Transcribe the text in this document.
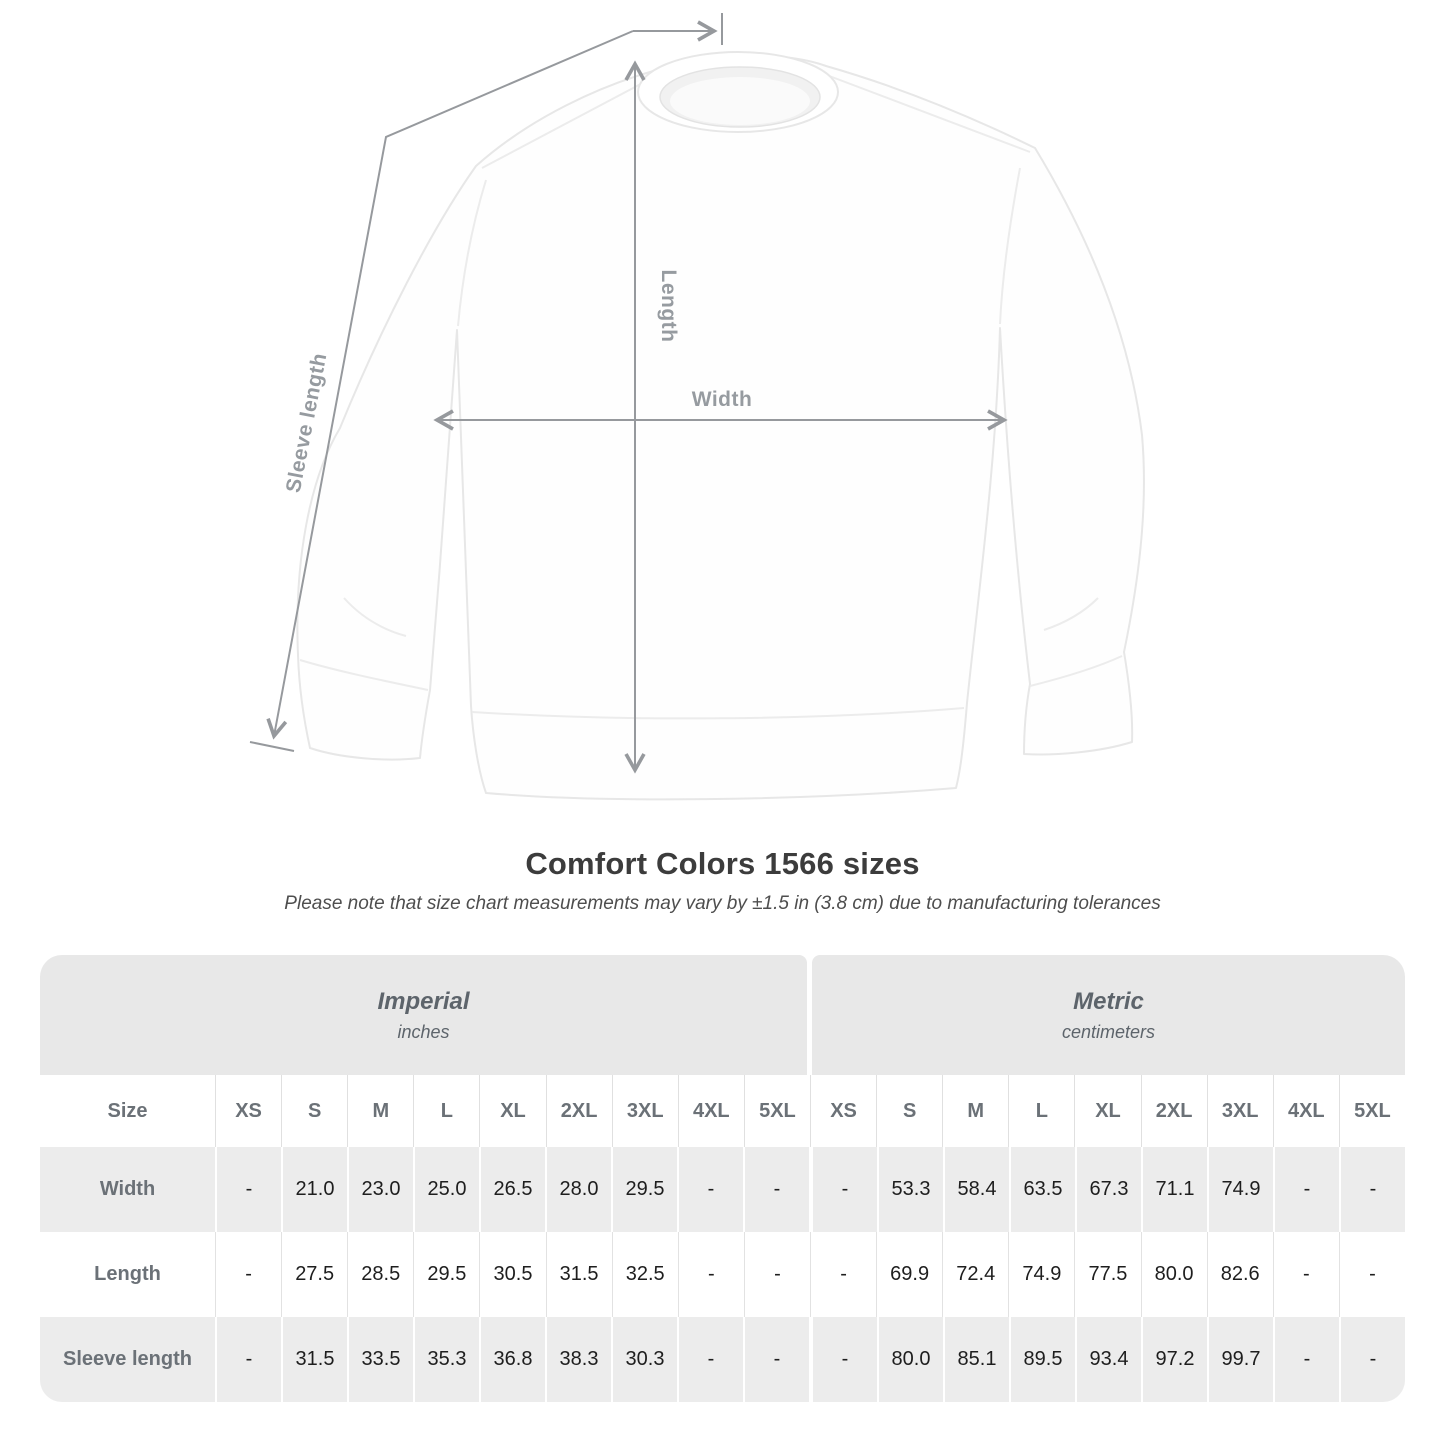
Width
Length
Sleeve length
Comfort Colors 1566 sizes

Please note that size chart measurements may vary by ±1.5 in (3.8 cm) due to manufacturing tolerances

Imperial
inches
Metric
centimeters
Size	XS	S	M	L	XL	2XL	3XL	4XL	5XL	XS	S	M	L	XL	2XL	3XL	4XL	5XL
Width	-	21.0	23.0	25.0	26.5	28.0	29.5	-	-	-	53.3	58.4	63.5	67.3	71.1	74.9	-	-
Length	-	27.5	28.5	29.5	30.5	31.5	32.5	-	-	-	69.9	72.4	74.9	77.5	80.0	82.6	-	-
Sleeve length	-	31.5	33.5	35.3	36.8	38.3	30.3	-	-	-	80.0	85.1	89.5	93.4	97.2	99.7	-	-
